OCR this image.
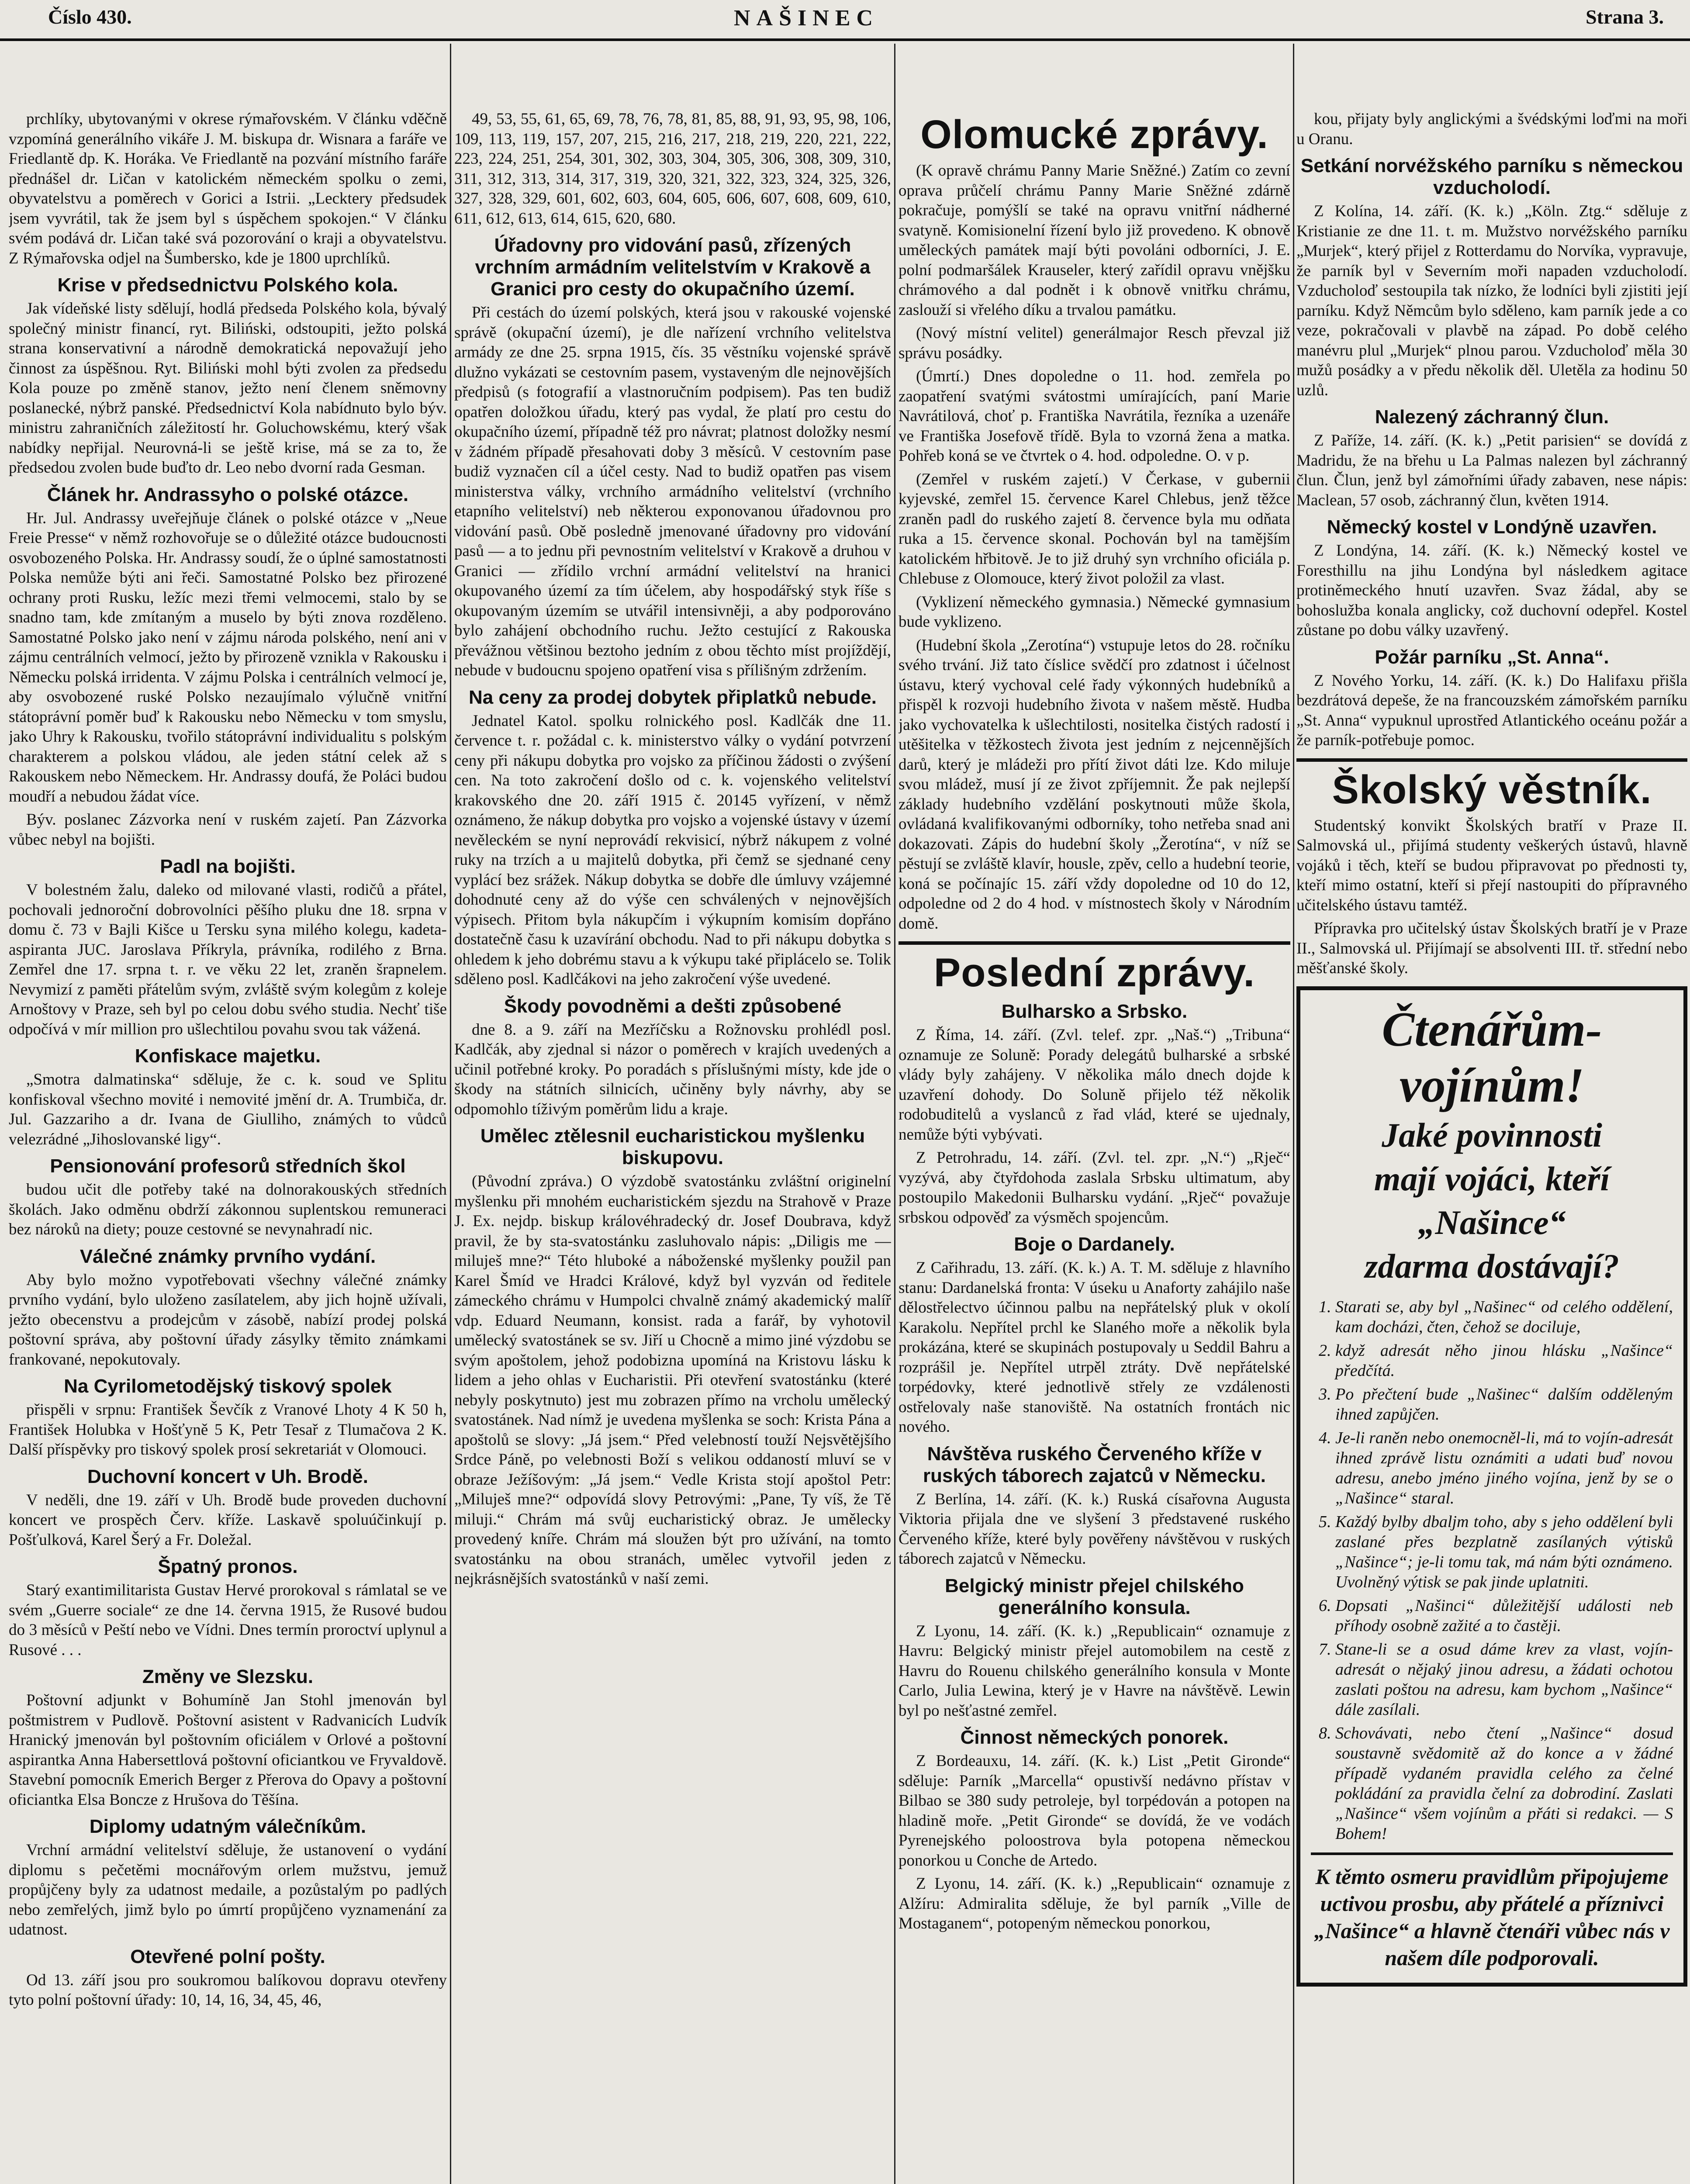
Číslo 430.	NAŠINEC	Strana 3.

prchlíky, ubytovanými v okrese rýmařovském. V článku vděčně vzpomíná generálního vikáře J. M. biskupa dr. Wisnara a faráře ve Friedlantě dp. K. Horáka. Ve Friedlantě na pozvání místního faráře přednášel dr. Ličan v katolickém německém spolku o zemi, obyvatelstvu a poměrech v Gorici a Istrii. „Lecktery předsudek jsem vyvrátil, tak že jsem byl s úspěchem spokojen.“ V článku svém podává dr. Ličan také svá pozorování o kraji a obyvatelstvu. Z Rýmařovska odjel na Šumbersko, kde je 1800 uprchlíků.

Krise v předsednictvu Polského kola.

Jak vídeňské listy sdělují, hodlá předseda Polského kola, bývalý společný ministr financí, ryt. Biliński, odstoupiti, ježto polská strana konservativní a národně demokratická nepovažují jeho činnost za úspěšnou. Ryt. Biliński mohl býti zvolen za předsedu Kola pouze po změně stanov, ježto není členem sněmovny poslanecké, nýbrž panské. Předsednictví Kola nabídnuto bylo býv. ministru zahraničních záležitostí hr. Goluchowskému, který však nabídky nepřijal. Neurovná-li se ještě krise, má se za to, že předsedou zvolen bude buďto dr. Leo nebo dvorní rada Gesman.

Článek hr. Andrassyho o polské otázce.

Hr. Jul. Andrassy uveřejňuje článek o polské otázce v „Neue Freie Presse“ v němž rozhovořuje se o důležité otázce budoucnosti osvobozeného Polska. Hr. Andrassy soudí, že o úplné samostatnosti Polska nemůže býti ani řeči. Samostatné Polsko bez přirozené ochrany proti Rusku, ležíc mezi třemi velmocemi, stalo by se snadno tam, kde zmítaným a muselo by býti znova rozděleno. Samostatné Polsko jako není v zájmu národa polského, není ani v zájmu centrálních velmocí, ježto by přirozeně vznikla v Rakousku i Německu polská irridenta. V zájmu Polska i centrálních velmocí je, aby osvobozené ruské Polsko nezaujímalo výlučně vnitřní státoprávní poměr buď k Rakousku nebo Německu v tom smyslu, jako Uhry k Rakousku, tvořilo státoprávní individualitu s polským charakterem a polskou vládou, ale jeden státní celek až s Rakouskem nebo Německem. Hr. Andrassy doufá, že Poláci budou moudří a nebudou žádat více.

Býv. poslanec Zázvorka není v ruském zajetí. Pan Zázvorka vůbec nebyl na bojišti.

Padl na bojišti.

V bolestném žalu, daleko od milované vlasti, rodičů a přátel, pochovali jednoroční dobrovolníci pěšího pluku dne 18. srpna v domu č. 73 v Bajli Kišce u Tersku syna milého kolegu, kadeta-aspiranta JUC. Jaroslava Příkryla, právníka, rodilého z Brna. Zemřel dne 17. srpna t. r. ve věku 22 let, zraněn šrapnelem. Nevymizí z paměti přátelům svým, zvláště svým kolegům z koleje Arnoštovy v Praze, seh byl po celou dobu svého studia. Nechť tiše odpočívá v mír million pro ušlechtilou povahu svou tak vážená.

Konfiskace majetku.

„Smotra dalmatinska“ sděluje, že c. k. soud ve Splitu konfiskoval všechno movité i nemovité jmění dr. A. Trumbiča, dr. Jul. Gazzariho a dr. Ivana de Giulliho, známých to vůdců velezrádné „Jihoslovanské ligy“.

Pensionování profesorů středních škol

budou učit dle potřeby také na dolnorakouských středních školách. Jako odměnu obdrží zákonnou suplentskou remuneraci bez nároků na diety; pouze cestovné se nevynahradí nic.

Válečné známky prvního vydání.

Aby bylo možno vypotřebovati všechny válečné známky prvního vydání, bylo uloženo zasílatelem, aby jich hojně užívali, ježto obecenstvu a prodejcům v zásobě, nabízí prodej polská poštovní správa, aby poštovní úřady zásylky těmito známkami frankované, nepokutovaly.

Na Cyrilometodějský tiskový spolek

přispěli v srpnu: František Ševčík z Vranové Lhoty 4 K 50 h, František Holubka v Hošťyně 5 K, Petr Tesař z Tlumačova 2 K. Další příspěvky pro tiskový spolek prosí sekretariát v Olomouci.

Duchovní koncert v Uh. Brodě.

V neděli, dne 19. září v Uh. Brodě bude proveden duchovní koncert ve prospěch Červ. kříže. Laskavě spoluúčinkují p. Pošťulková, Karel Šerý a Fr. Doležal.

Špatný pronos.

Starý exantimilitarista Gustav Hervé prorokoval s rámlatal se ve svém „Guerre sociale“ ze dne 14. června 1915, že Rusové budou do 3 měsíců v Peští nebo ve Vídni. Dnes termín proroctví uplynul a Rusové . . .

Změny ve Slezsku.

Poštovní adjunkt v Bohumíně Jan Stohl jmenován byl poštmistrem v Pudlově. Poštovní asistent v Radvanicích Ludvík Hranický jmenován byl poštovním oficiálem v Orlové a poštovní aspirantka Anna Habersettlová poštovní oficiantkou ve Fryvaldově. Stavební pomocník Emerich Berger z Přerova do Opavy a poštovní oficiantka Elsa Boncze z Hrušova do Těšína.

Diplomy udatným válečníkům.

Vrchní armádní velitelství sděluje, že ustanovení o vydání diplomu s pečetěmi mocnářovým orlem mužstvu, jemuž propůjčeny byly za udatnost medaile, a pozůstalým po padlých nebo zemřelých, jimž bylo po úmrtí propůjčeno vyznamenání za udatnost.

Otevřené polní pošty.

Od 13. září jsou pro soukromou balíkovou dopravu otevřeny tyto polní poštovní úřady: 10, 14, 16, 34, 45, 46,

49, 53, 55, 61, 65, 69, 78, 76, 78, 81, 85, 88, 91, 93, 95, 98, 106, 109, 113, 119, 157, 207, 215, 216, 217, 218, 219, 220, 221, 222, 223, 224, 251, 254, 301, 302, 303, 304, 305, 306, 308, 309, 310, 311, 312, 313, 314, 317, 319, 320, 321, 322, 323, 324, 325, 326, 327, 328, 329, 601, 602, 603, 604, 605, 606, 607, 608, 609, 610, 611, 612, 613, 614, 615, 620, 680.

Úřadovny pro vidování pasů, zřízených vrchním armádním velitelstvím v Krakově a Granici pro cesty do okupačního území.

Při cestách do území polských, která jsou v rakouské vojenské správě (okupační území), je dle nařízení vrchního velitelstva armády ze dne 25. srpna 1915, čís. 35 věstníku vojenské správě dlužno vykázati se cestovním pasem, vystaveným dle nejnovějších předpisů (s fotografií a vlastnoručním podpisem). Pas ten budiž opatřen doložkou úřadu, který pas vydal, že platí pro cestu do okupačního území, případně též pro návrat; platnost doložky nesmí v žádném případě přesahovati doby 3 měsíců. V cestovním pase budiž vyznačen cíl a účel cesty. Nad to budiž opatřen pas visem ministerstva války, vrchního armádního velitelství (vrchního etapního velitelství) neb některou exponovanou úřadovnou pro vidování pasů. Obě posledně jmenované úřadovny pro vidování pasů — a to jednu při pevnostním velitelství v Krakově a druhou v Granici — zřídilo vrchní armádní velitelství na hranici okupovaného území za tím účelem, aby hospodářský styk říše s okupovaným územím se utvářil intensivněji, a aby podporováno bylo zahájení obchodního ruchu. Ježto cestující z Rakouska převážnou většinou beztoho jedním z obou těchto míst projíždějí, nebude v budoucnu spojeno opatření visa s přílišným zdržením.

Na ceny za prodej dobytek připlatků nebude.

Jednatel Katol. spolku rolnického posl. Kadlčák dne 11. července t. r. požádal c. k. ministerstvo války o vydání potvrzení ceny při nákupu dobytka pro vojsko za příčinou žádosti o zvýšení cen. Na toto zakročení došlo od c. k. vojenského velitelství krakovského dne 20. září 1915 č. 20145 vyřízení, v němž oznámeno, že nákup dobytka pro vojsko a vojenské ústavy v území nevěleckém se nyní neprovádí rekvisicí, nýbrž nákupem z volné ruky na trzích a u majitelů dobytka, při čemž se sjednané ceny vyplácí bez srážek. Nákup dobytka se dobře dle úmluvy vzájemné dohodnuté ceny až do výše cen schválených v nejnovějších výpisech. Přitom byla nákupčím i výkupním komisím dopřáno dostatečně času k uzavírání obchodu. Nad to při nákupu dobytka s ohledem k jeho dobrému stavu a k výkupu také připlácelo se. Tolik sděleno posl. Kadlčákovi na jeho zakročení výše uvedené.

Škody povodněmi a dešti způsobené

dne 8. a 9. září na Mezříčsku a Rožnovsku prohlédl posl. Kadlčák, aby zjednal si názor o poměrech v krajích uvedených a učinil potřebné kroky. Po poradách s příslušnými místy, kde jde o škody na státních silnicích, učiněny byly návrhy, aby se odpomohlo tíživým poměrům lidu a kraje.

Umělec ztělesnil eucharistickou myšlenku biskupovu.

(Původní zpráva.) O výzdobě svatostánku zvláštní originelní myšlenku při mnohém eucharistickém sjezdu na Strahově v Praze J. Ex. nejdp. biskup královéhradecký dr. Josef Doubrava, když pravil, že by sta-svatostánku zasluhovalo nápis: „Diligis me — miluješ mne?“ Této hluboké a náboženské myšlenky použil pan Karel Šmíd ve Hradci Králové, když byl vyzván od ředitele zámeckého chrámu v Humpolci chvalně známý akademický malíř vdp. Eduard Neumann, konsist. rada a farář, by vyhotovil umělecký svatostánek se sv. Jiří u Chocně a mimo jiné výzdobu se svým apoštolem, jehož podobizna upomíná na Kristovu lásku k lidem a jeho ohlas v Eucharistii. Při otevření svatostánku (které nebyly poskytnuto) jest mu zobrazen přímo na vrcholu umělecký svatostánek. Nad nímž je uvedena myšlenka se soch: Krista Pána a apoštolů se slovy: „Já jsem.“ Před velebností touží Nejsvětějšího Srdce Páně, po velebnosti Boží s velikou oddaností mluví se v obraze Ježíšovým: „Já jsem.“ Vedle Krista stojí apoštol Petr: „Miluješ mne?“ odpovídá slovy Petrovými: „Pane, Ty víš, že Tě miluji.“ Chrám má svůj eucharistický obraz. Je umělecky provedený kníře. Chrám má sloužen být pro užívání, na tomto svatostánku na obou stranách, umělec vytvořil jeden z nejkrásnějších svatostánků v naší zemi.

Olomucké zprávy.

(K opravě chrámu Panny Marie Sněžné.) Zatím co zevní oprava průčelí chrámu Panny Marie Sněžné zdárně pokračuje, pomýšlí se také na opravu vnitřní nádherné svatyně. Komisionelní řízení bylo již provedeno. K obnově uměleckých památek mají býti povoláni odborníci, J. E. polní podmaršálek Krauseler, který zařídil opravu vnějšku chrámového a dal podnět i k obnově vnitřku chrámu, zaslouží si vřelého díku a trvalou památku.

(Nový místní velitel) generálmajor Resch převzal již správu posádky.

(Úmrtí.) Dnes dopoledne o 11. hod. zemřela po zaopatření svatými svátostmi umírajících, paní Marie Navrátilová, choť p. Františka Navrátila, řezníka a uzenáře ve Františka Josefově třídě. Byla to vzorná žena a matka. Pohřeb koná se ve čtvrtek o 4. hod. odpoledne. O. v p.

(Zemřel v ruském zajetí.) V Čerkase, v gubernii kyjevské, zemřel 15. července Karel Chlebus, jenž těžce zraněn padl do ruského zajetí 8. července byla mu odňata ruka a 15. července skonal. Pochován byl na tamějším katolickém hřbitově. Je to již druhý syn vrchního oficiála p. Chlebuse z Olomouce, který život položil za vlast.

(Vyklizení německého gymnasia.) Německé gymnasium bude vyklizeno.

(Hudební škola „Zerotína“) vstupuje letos do 28. ročníku svého trvání. Již tato číslice svědčí pro zdatnost i účelnost ústavu, který vychoval celé řady výkonných hudebníků a přispěl k rozvoji hudebního života v našem městě. Hudba jako vychovatelka k ušlechtilosti, nositelka čistých radostí i utěšitelka v těžkostech života jest jedním z nejcennějších darů, který je mládeži pro přítí život dáti lze. Kdo miluje svou mládež, musí jí ze život zpříjemnit. Že pak nejlepší základy hudebního vzdělání poskytnouti může škola, ovládaná kvalifikovanými odborníky, toho netřeba snad ani dokazovati. Zápis do hudební školy „Žerotína“, v níž se pěstují se zvláště klavír, housle, zpěv, cello a hudební teorie, koná se počínajíc 15. září vždy dopoledne od 10 do 12, odpoledne od 2 do 4 hod. v místnostech školy v Národním domě.

Poslední zprávy.
Bulharsko a Srbsko.

Z Říma, 14. září. (Zvl. telef. zpr. „Naš.“) „Tribuna“ oznamuje ze Soluně: Porady delegátů bulharské a srbské vlády byly zahájeny. V několika málo dnech dojde k uzavření dohody. Do Soluně přijelo též několik rodobuditelů a vyslanců z řad vlád, které se ujednaly, nemůže býti vybývati.

Z Petrohradu, 14. září. (Zvl. tel. zpr. „N.“) „Rječ“ vyzývá, aby čtyřdohoda zaslala Srbsku ultimatum, aby postoupilo Makedonii Bulharsku vydání. „Rječ“ považuje srbskou odpověď za výsměch spojencům.

Boje o Dardanely.

Z Cařihradu, 13. září. (K. k.) A. T. M. sděluje z hlavního stanu: Dardanelská fronta: V úseku u Anaforty zahájilo naše dělostřelectvo účinnou palbu na nepřátelský pluk v okolí Karakolu. Nepřítel prchl ke Slaného moře a několik byla prokázána, které se skupinách postupovaly u Seddil Bahru a rozprášil je. Nepřítel utrpěl ztráty. Dvě nepřátelské torpédovky, které jednotlivě střely ze vzdálenosti ostřelovaly naše stanoviště. Na ostatních frontách nic nového.

Návštěva ruského Červeného kříže v ruských táborech zajatců v Německu.

Z Berlína, 14. září. (K. k.) Ruská císařovna Augusta Viktoria přijala dne ve slyšení 3 představené ruského Červeného kříže, které byly pověřeny návštěvou v ruských táborech zajatců v Německu.

Belgický ministr přejel chilského generálního konsula.

Z Lyonu, 14. září. (K. k.) „Republicain“ oznamuje z Havru: Belgický ministr přejel automobilem na cestě z Havru do Rouenu chilského generálního konsula v Monte Carlo, Julia Lewina, který je v Havre na návštěvě. Lewin byl po nešťastné zemřel.

Činnost německých ponorek.

Z Bordeauxu, 14. září. (K. k.) List „Petit Gironde“ sděluje: Parník „Marcella“ opustivší nedávno přístav v Bilbao se 380 sudy petroleje, byl torpédován a potopen na hladině moře. „Petit Gironde“ se dovídá, že ve vodách Pyrenejského poloostrova byla potopena německou ponorkou u Conche de Artedo.

Z Lyonu, 14. září. (K. k.) „Republicain“ oznamuje z Alžíru: Admiralita sděluje, že byl parník „Ville de Mostaganem“, potopeným německou ponorkou,

kou, přijaty byly anglickými a švédskými loďmi na moři u Oranu.

Setkání norvéžského parníku s německou vzducholodí.

Z Kolína, 14. září. (K. k.) „Köln. Ztg.“ sděluje z Kristianie ze dne 11. t. m. Mužstvo norvéžského parníku „Murjek“, který přijel z Rotterdamu do Norvíka, vypravuje, že parník byl v Severním moři napaden vzducholodí. Vzducholoď sestoupila tak nízko, že lodníci byli zjistiti její parníku. Když Němcům bylo sděleno, kam parník jede a co veze, pokračovali v plavbě na západ. Po době celého manévru plul „Murjek“ plnou parou. Vzducholoď měla 30 mužů posádky a v předu několik děl. Uletěla za hodinu 50 uzlů.

Nalezený záchranný člun.

Z Paříže, 14. září. (K. k.) „Petit parisien“ se dovídá z Madridu, že na břehu u La Palmas nalezen byl záchranný člun. Člun, jenž byl zámořními úřady zabaven, nese nápis: Maclean, 57 osob, záchranný člun, květen 1914.

Německý kostel v Londýně uzavřen.

Z Londýna, 14. září. (K. k.) Německý kostel ve Foresthillu na jihu Londýna byl následkem agitace protiněmeckého hnutí uzavřen. Svaz žádal, aby se bohoslužba konala anglicky, což duchovní odepřel. Kostel zůstane po dobu války uzavřený.

Požár parníku „St. Anna“.

Z Nového Yorku, 14. září. (K. k.) Do Halifaxu přišla bezdrátová depeše, že na francouzském zámořském parníku „St. Anna“ vypuknul uprostřed Atlantického oceánu požár a že parník-potřebuje pomoc.

Školský věstník.

Studentský konvikt Školských bratří v Praze II. Salmovská ul., přijímá studenty veškerých ústavů, hlavně vojáků i těch, kteří se budou připravovat po přednosti ty, kteří mimo ostatní, kteří si přejí nastoupiti do přípravného učitelského ústavu tamtéž.

Přípravka pro učitelský ústav Školských bratří je v Praze II., Salmovská ul. Přijímají se absolventi III. tř. střední nebo měšťanské školy.

Čtenářům-
vojínům!
Jaké povinnosti
mají vojáci, kteří
„Našince“
zdarma dostávají?
1. Starati se, aby byl „Našinec“ od celého oddělení, kam docházi, čten, čehož se dociluje,
2. když adresát něho jinou hlásku „Našince“ předčítá.
3. Po přečtení bude „Našinec“ dalším odděleným ihned zapůjčen.
4. Je-li raněn nebo onemocněl-li, má to vojín-adresát ihned zprávě listu oznámiti a udati buď novou adresu, anebo jméno jiného vojína, jenž by se o „Našince“ staral.
5. Každý bylby dbaljm toho, aby s jeho oddělení byli zaslané přes bezplatně zasílaných výtisků „Našince“; je-li tomu tak, má nám býti oznámeno. Uvolněný výtisk se pak jinde uplatniti.
6. Dopsati „Našinci“ důležitější události neb příhody osobně zažité a to častěji.
7. Stane-li se a osud dáme krev za vlast, vojín-adresát o nějaký jinou adresu, a žádati ochotou zaslati poštou na adresu, kam bychom „Našince“ dále zasílali.
8. Schovávati, nebo čtení „Našince“ dosud soustavně svědomitě až do konce a v žádné případě vydaném pravidla celého za čelné pokládání za pravidla čelní za dobrodiní. Zaslati „Našince“ všem vojínům a přáti si redakci. — S Bohem!
K těmto osmeru pravidlům připojujeme uctivou prosbu, aby přátelé a příznivci „Našince“ a hlavně čtenáři vůbec nás v našem díle podporovali.
